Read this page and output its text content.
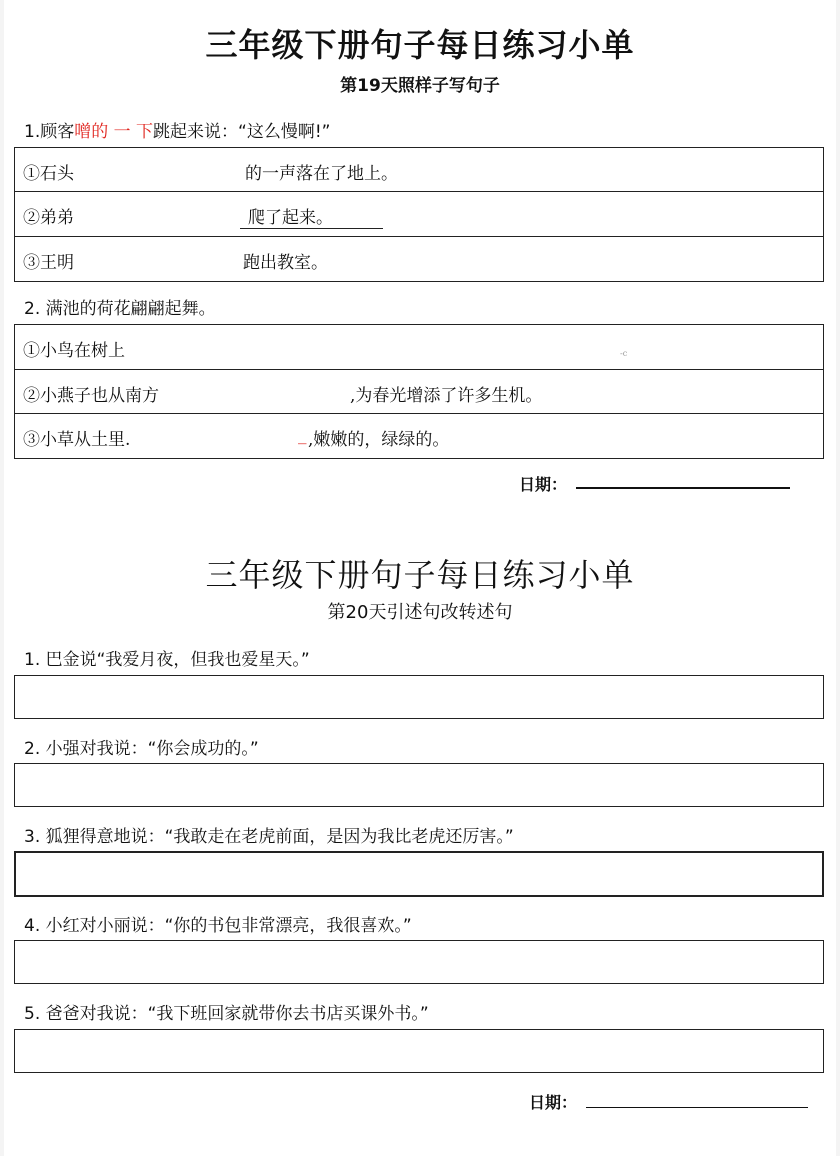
三年级下册句子每日练习小单
第19天照样子写句子
1.顾客噌的 一 下跳起来说：“这么慢啊!”
①石头	的一声落在了地上。
②弟弟	爬了起来。
③王明	跑出教室。
2. 满池的荷花翩翩起舞。
①小鸟在树上	-c
②小燕子也从南方	,为春光增添了许多生机。
③小草从土里.	_ ,嫩嫩的，绿绿的。
日期：
三年级下册句子每日练习小单
第20天引述句改转述句
1. 巴金说“我爱月夜，但我也爱星天。”
2. 小强对我说：“你会成功的。”
3. 狐狸得意地说：“我敢走在老虎前面，是因为我比老虎还厉害。”
4. 小红对小丽说：“你的书包非常漂亮，我很喜欢。”
5. 爸爸对我说：“我下班回家就带你去书店买课外书。”
日期：
